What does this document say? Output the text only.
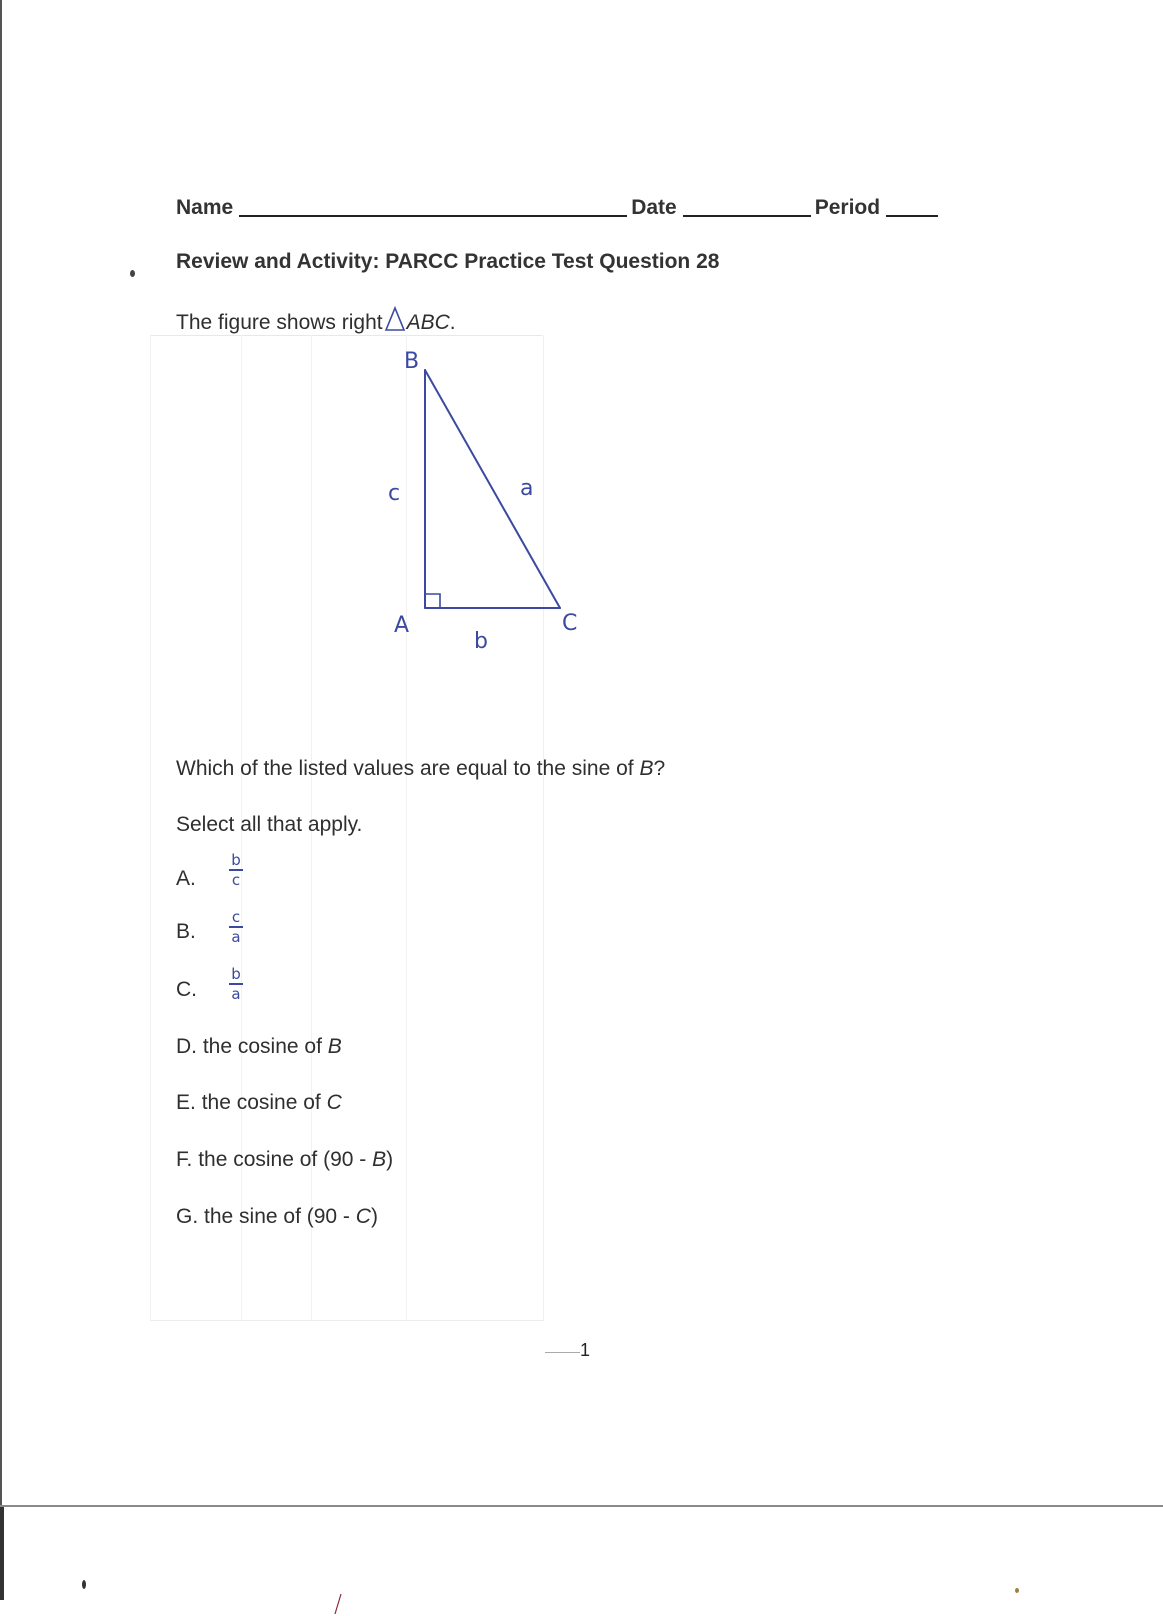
Name	Date	Period
Review and Activity: PARCC Practice Test Question 28
The figure shows right ABC.
B
A	C
c	a
b
Which of the listed values are equal to the sine of B?
Select all that apply.
A.
b
c
B.
c
a
C.
b
a
D. the cosine of B
E. the cosine of C
F. the cosine of (90 - B)
G. the sine of (90 - C)
1
